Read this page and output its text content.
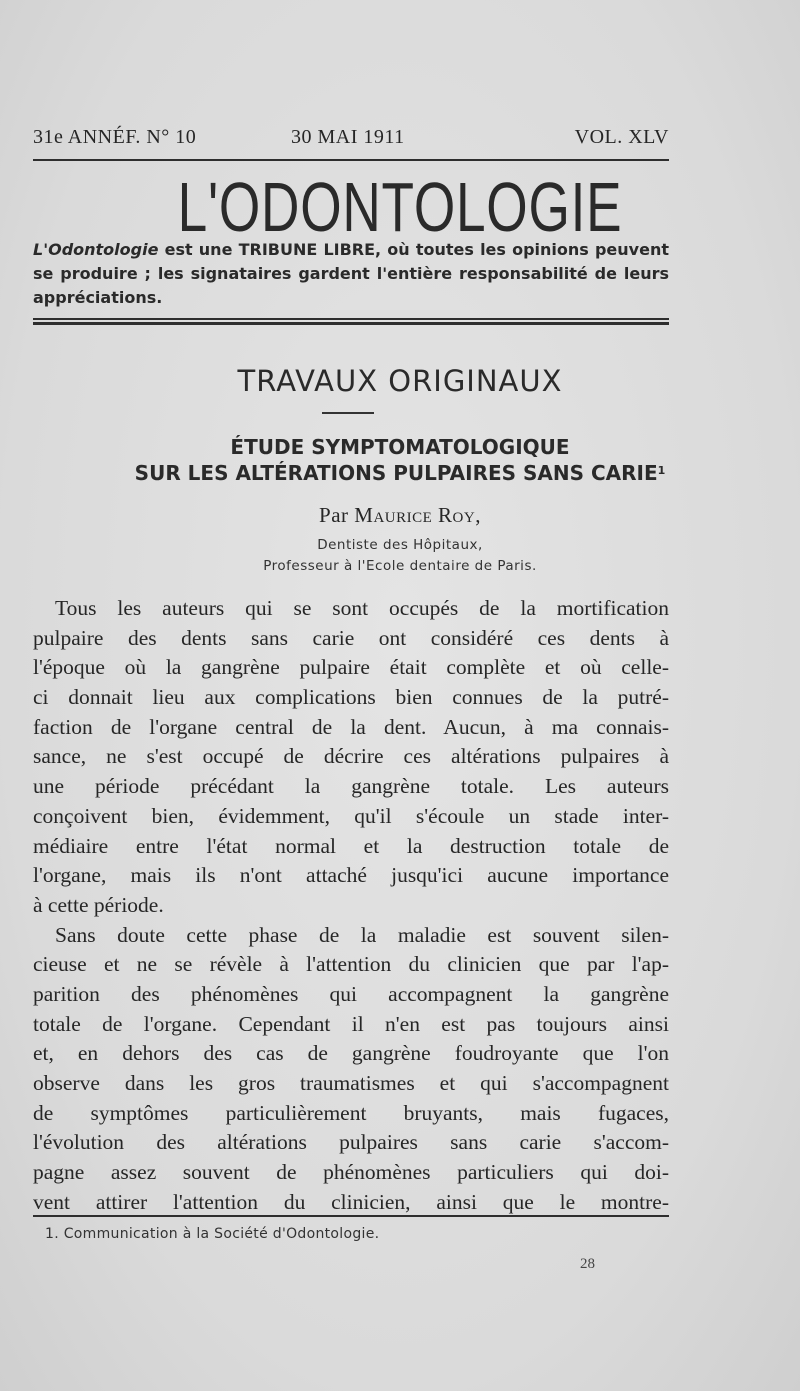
31e ANNÉF. N° 10	30 MAI 1911	VOL. XLV
L'ODONTOLOGIE
L'Odontologie est une TRIBUNE LIBRE, où toutes les opinions peuvent se produire ; les signataires gardent l'entière responsabilité de leurs appréciations.
TRAVAUX ORIGINAUX
ÉTUDE SYMPTOMATOLOGIQUE
SUR LES ALTÉRATIONS PULPAIRES SANS CARIE$^1$
Par Maurice Roy,
Dentiste des Hôpitaux,
Professeur à l'Ecole dentaire de Paris.
Tous les auteurs qui se sont occupés de la mortification
pulpaire des dents sans carie ont considéré ces dents à
l'époque où la gangrène pulpaire était complète et où celle-
ci donnait lieu aux complications bien connues de la putré-
faction de l'organe central de la dent. Aucun, à ma connais-
sance, ne s'est occupé de décrire ces altérations pulpaires à
une période précédant la gangrène totale. Les auteurs
conçoivent bien, évidemment, qu'il s'écoule un stade inter-
médiaire entre l'état normal et la destruction totale de
l'organe, mais ils n'ont attaché jusqu'ici aucune importance
à cette période.
Sans doute cette phase de la maladie est souvent silen-
cieuse et ne se révèle à l'attention du clinicien que par l'ap-
parition des phénomènes qui accompagnent la gangrène
totale de l'organe. Cependant il n'en est pas toujours ainsi
et, en dehors des cas de gangrène foudroyante que l'on
observe dans les gros traumatismes et qui s'accompagnent
de symptômes particulièrement bruyants, mais fugaces,
l'évolution des altérations pulpaires sans carie s'accom-
pagne assez souvent de phénomènes particuliers qui doi-
vent attirer l'attention du clinicien, ainsi que le montre-
1. Communication à la Société d'Odontologie.
28
